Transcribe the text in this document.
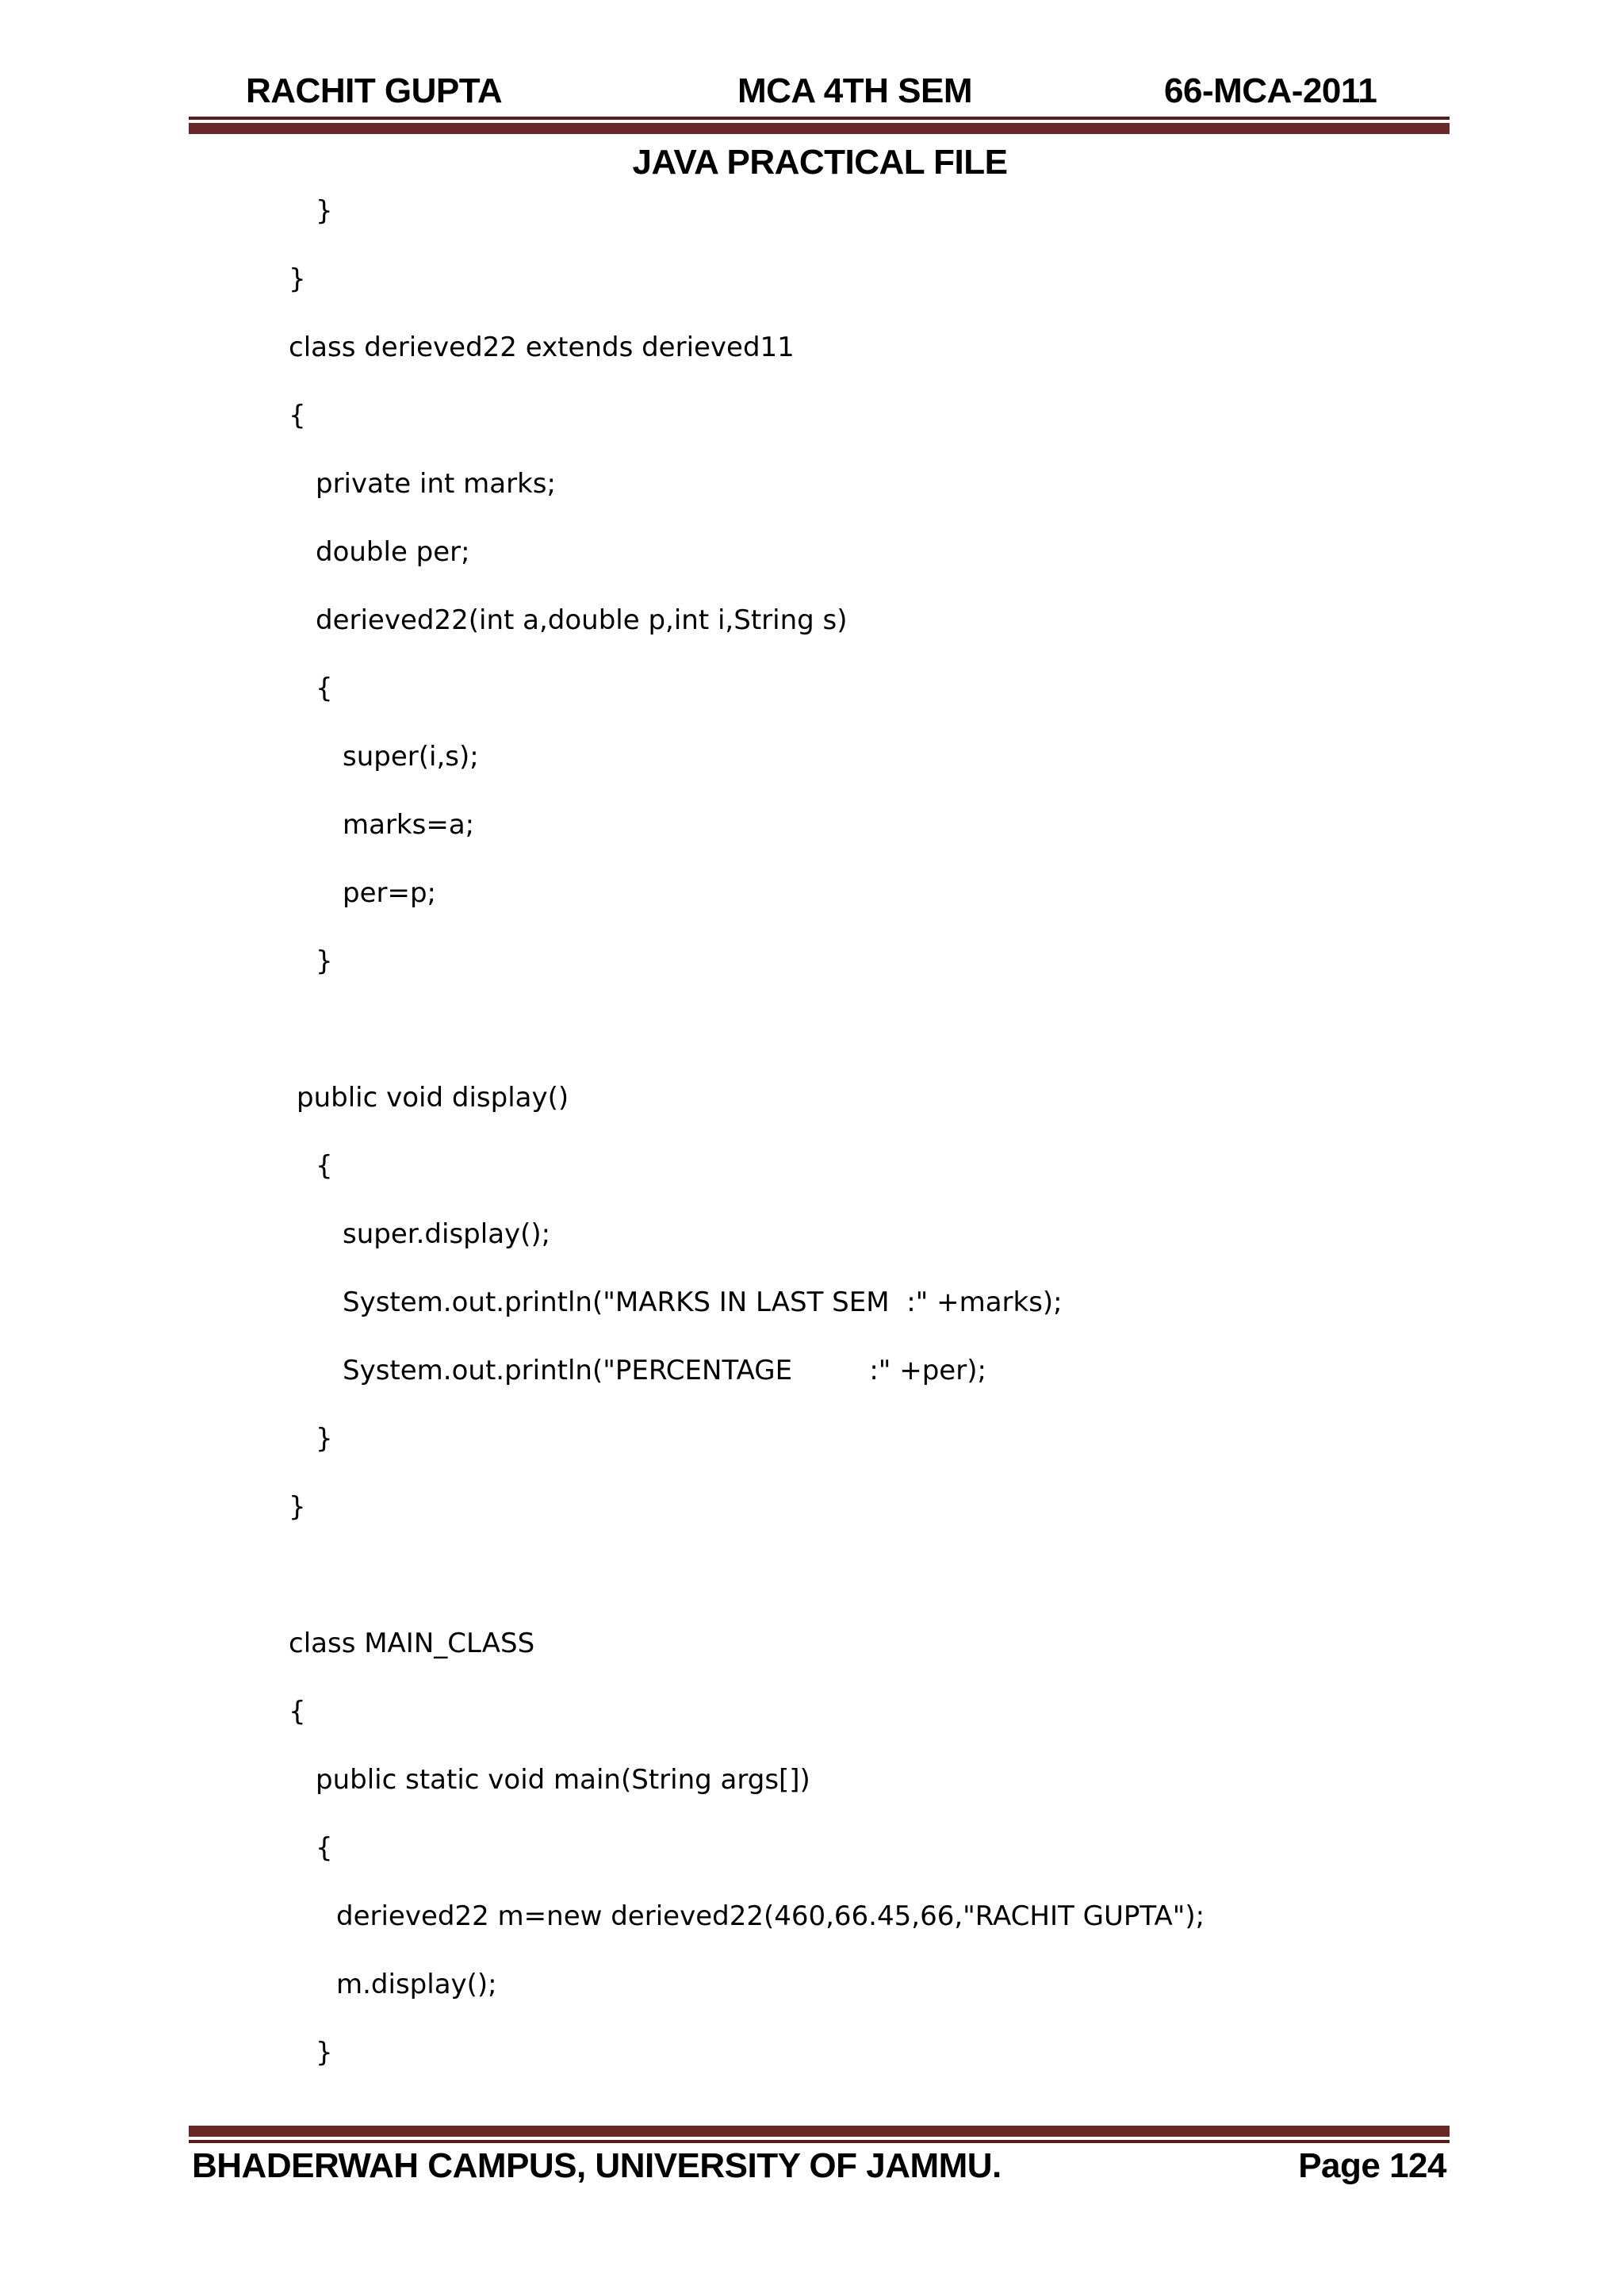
RACHIT GUPTA	MCA 4TH SEM	66-MCA-2011
JAVA PRACTICAL FILE
}
}
class derieved22 extends derieved11
{
private int marks;
double per;
derieved22(int a,double p,int i,String s)
{
super(i,s);
marks=a;
per=p;
}
public void display()
{
super.display();
System.out.println("MARKS IN LAST SEM  :" +marks);
System.out.println("PERCENTAGE         :" +per);
}
}
class MAIN_CLASS
{
public static void main(String args[])
{
derieved22 m=new derieved22(460,66.45,66,"RACHIT GUPTA");
m.display();
}
BHADERWAH CAMPUS, UNIVERSITY OF JAMMU.	Page 124
